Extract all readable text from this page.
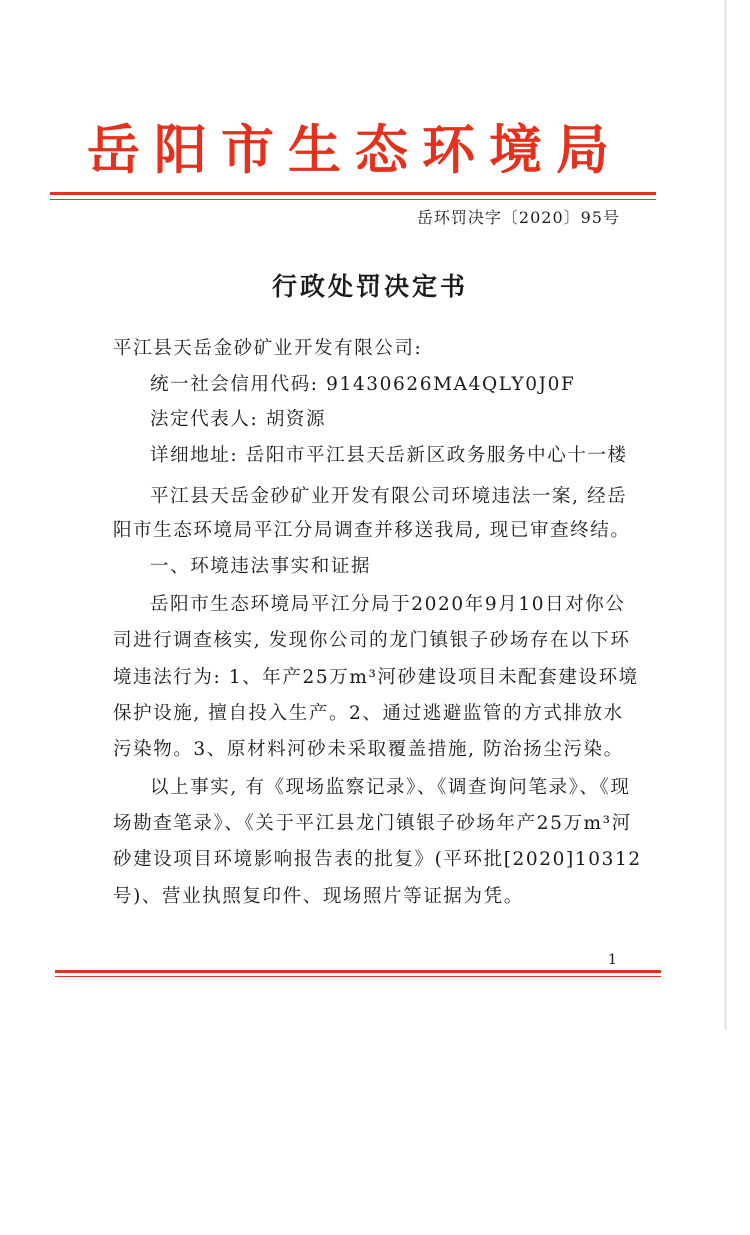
岳阳市生态环境局
岳环罚决字〔2020〕95号
行政处罚决定书
平江县天岳金砂矿业开发有限公司:
统一社会信用代码: 91430626MA4QLY0J0F
法定代表人: 胡资源
详细地址: 岳阳市平江县天岳新区政务服务中心十一楼
平江县天岳金砂矿业开发有限公司环境违法一案, 经岳
阳市生态环境局平江分局调查并移送我局, 现已审查终结。
一、环境违法事实和证据
岳阳市生态环境局平江分局于2020年9月10日对你公
司进行调查核实, 发现你公司的龙门镇银子砂场存在以下环
境违法行为: 1、年产25万m³河砂建设项目未配套建设环境
保护设施, 擅自投入生产。2、通过逃避监管的方式排放水
污染物。3、原材料河砂未采取覆盖措施, 防治扬尘污染。
以上事实, 有《现场监察记录》、《调查询问笔录》、《现
场勘查笔录》、《关于平江县龙门镇银子砂场年产25万m³河
砂建设项目环境影响报告表的批复》(平环批[2020]10312
号)、营业执照复印件、现场照片等证据为凭。
1
